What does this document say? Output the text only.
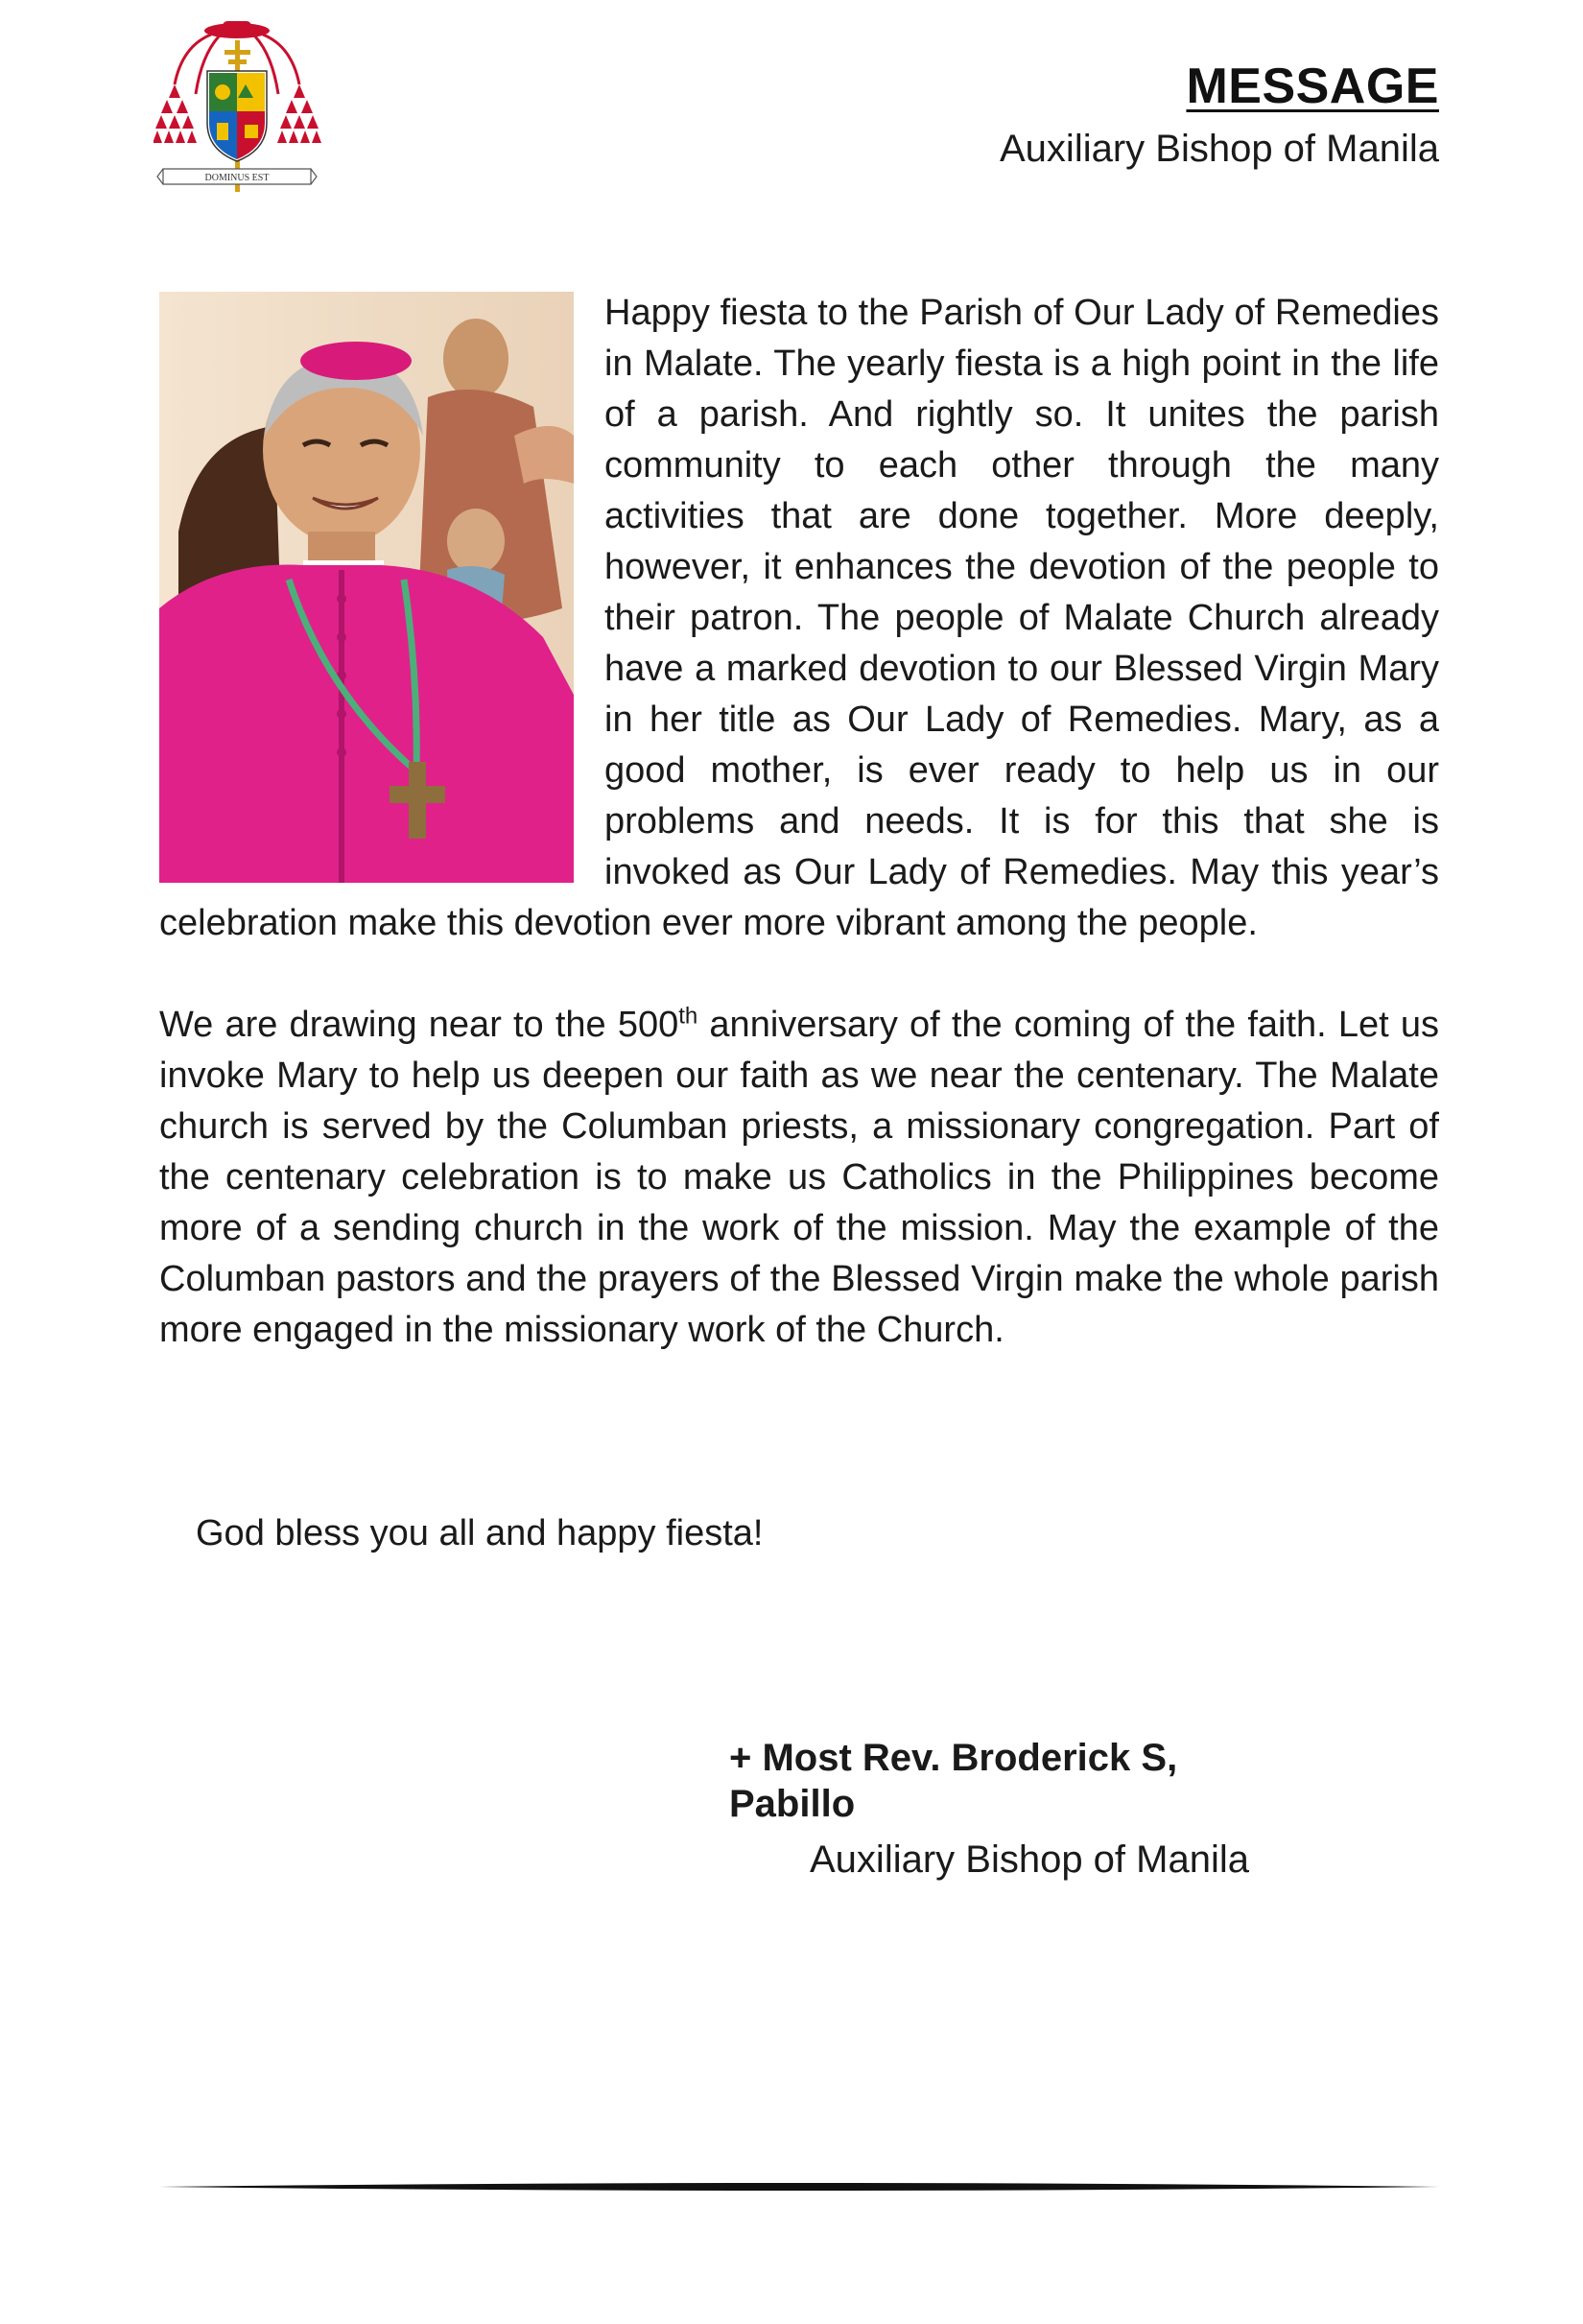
DOMINUS EST
MESSAGE
Auxiliary Bishop of Manila

Happy fiesta to the Parish of Our Lady of Remedies in Malate. The yearly fiesta is a high point in the life of a parish. And rightly so. It unites the parish community to each other through the many activities that are done together. More deeply, however, it enhances the devotion of the people to their patron. The people of Malate Church already have a marked devotion to our Blessed Virgin Mary in her title as Our Lady of Remedies. Mary, as a good mother, is ever ready to help us in our problems and needs. It is for this that she is invoked as Our Lady of Remedies. May this year’s celebration make this devotion ever more vibrant among the people.

We are drawing near to the 500th anniversary of the coming of the faith. Let us invoke Mary to help us deepen our faith as we near the centenary. The Malate church is served by the Columban priests, a missionary congregation. Part of the centenary celebration is to make us Catholics in the Philippines become more of a sending church in the work of the mission. May the example of the Columban pastors and the prayers of the Blessed Virgin make the whole parish more engaged in the missionary work of the Church.

God bless you all and happy fiesta!
+ Most Rev. Broderick S, Pabillo
Auxiliary Bishop of Manila
